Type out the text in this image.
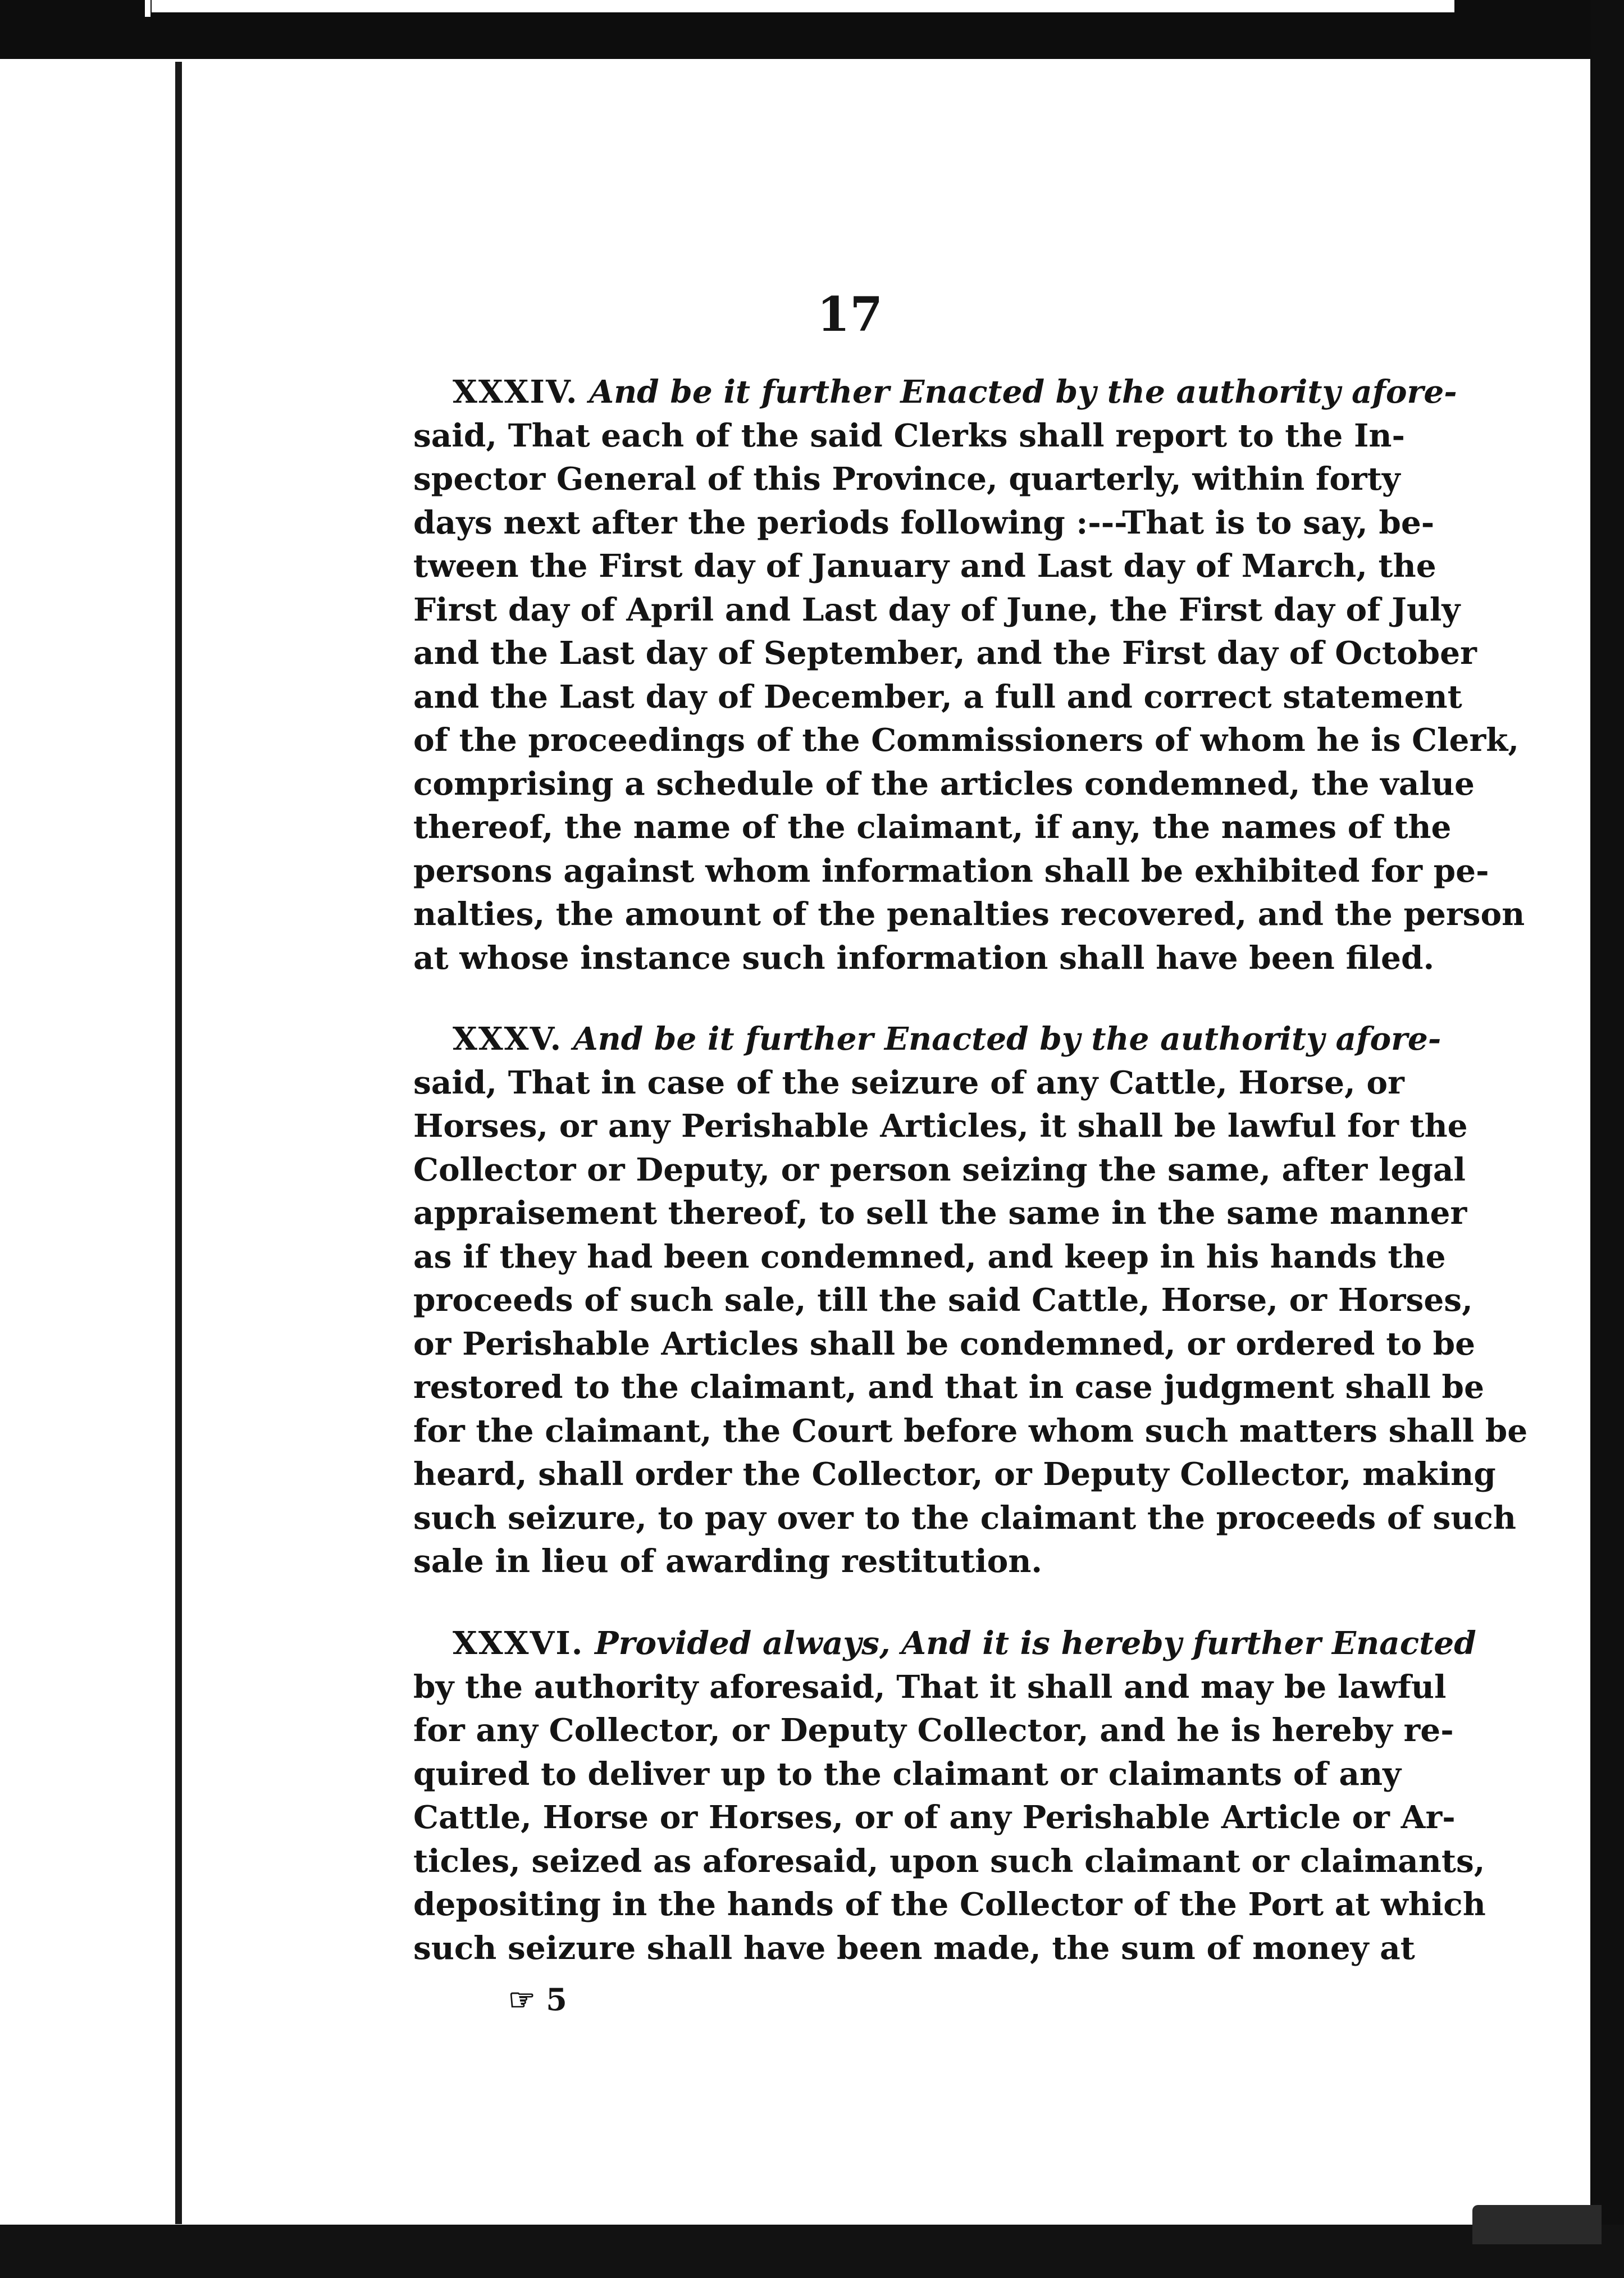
17
XXXIV. And be it further Enacted by the authority afore-
said, That each of the said Clerks shall report to the In-
spector General of this Province, quarterly, within forty
days next after the periods following :---That is to say, be-
tween the First day of January and Last day of March, the
First day of April and Last day of June, the First day of July
and the Last day of September, and the First day of October
and the Last day of December, a full and correct statement
of the proceedings of the Commissioners of whom he is Clerk,
comprising a schedule of the articles condemned, the value
thereof, the name of the claimant, if any, the names of the
persons against whom information shall be exhibited for pe-
nalties, the amount of the penalties recovered, and the person
at whose instance such information shall have been filed.
XXXV. And be it further Enacted by the authority afore-
said, That in case of the seizure of any Cattle, Horse, or
Horses, or any Perishable Articles, it shall be lawful for the
Collector or Deputy, or person seizing the same, after legal
appraisement thereof, to sell the same in the same manner
as if they had been condemned, and keep in his hands the
proceeds of such sale, till the said Cattle, Horse, or Horses,
or Perishable Articles shall be condemned, or ordered to be
restored to the claimant, and that in case judgment shall be
for the claimant, the Court before whom such matters shall be
heard, shall order the Collector, or Deputy Collector, making
such seizure, to pay over to the claimant the proceeds of such
sale in lieu of awarding restitution.
XXXVI. Provided always, And it is hereby further Enacted
by the authority aforesaid, That it shall and may be lawful
for any Collector, or Deputy Collector, and he is hereby re-
quired to deliver up to the claimant or claimants of any
Cattle, Horse or Horses, or of any Perishable Article or Ar-
ticles, seized as aforesaid, upon such claimant or claimants,
depositing in the hands of the Collector of the Port at which
such seizure shall have been made, the sum of money at
☞ 5
